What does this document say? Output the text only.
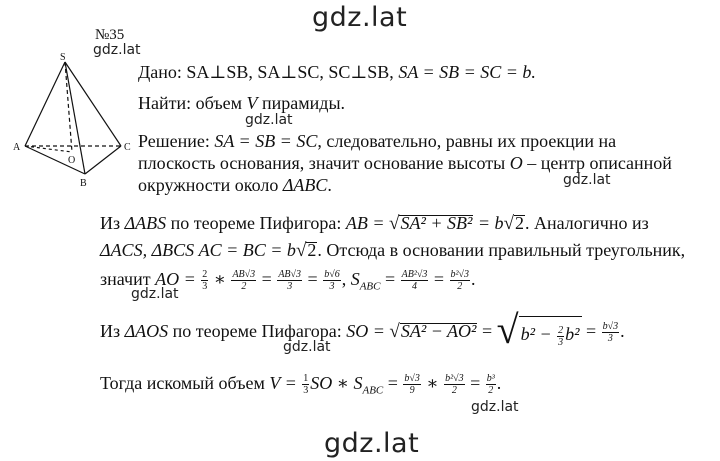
gdz.lat
gdz.lat
gdz.lat
gdz.lat
gdz.lat
gdz.lat
gdz.lat
gdz.lat
№35
S
A	C
B
O
Дано: SA⊥SB, SA⊥SC, SC⊥SB, SA = SB = SC = b.
Найти: объем V пирамиды.
Решение: SA = SB = SC, следовательно, равны их проекции на
плоскость основания, значит основание высоты O – центр описанной
окружности около ΔABC.
Из ΔABS по теореме Пифигора: AB = √SA² + SB² = b√2. Аналогично из
ΔACS, ΔBCS AC = BC = b√2. Отсюда в основании правильный треугольник,
значит AO = $\frac{2}{3}$ ∗ $\frac{AB√3}{2} = \frac{AB√3}{3} = \frac{b√6}{3}$ , $S_{ABC} = \frac{\text{AB²√3}}{4} = \frac{\text{b²√3}}{2}$ .
Из ΔAOS по теореме Пифагора: SO = √SA² − AO² = √ $b^2 - \frac{2}{3} b^2 = \frac{b√3}{3}$ .
Тогда искомый объем $V = \frac{1}{3}$ SO ∗ $S_{ABC} = \frac{b√3}{9}$ ∗ $\frac{\text{b²√3}}{2} = \frac{\text{b³}}{2}$ .
